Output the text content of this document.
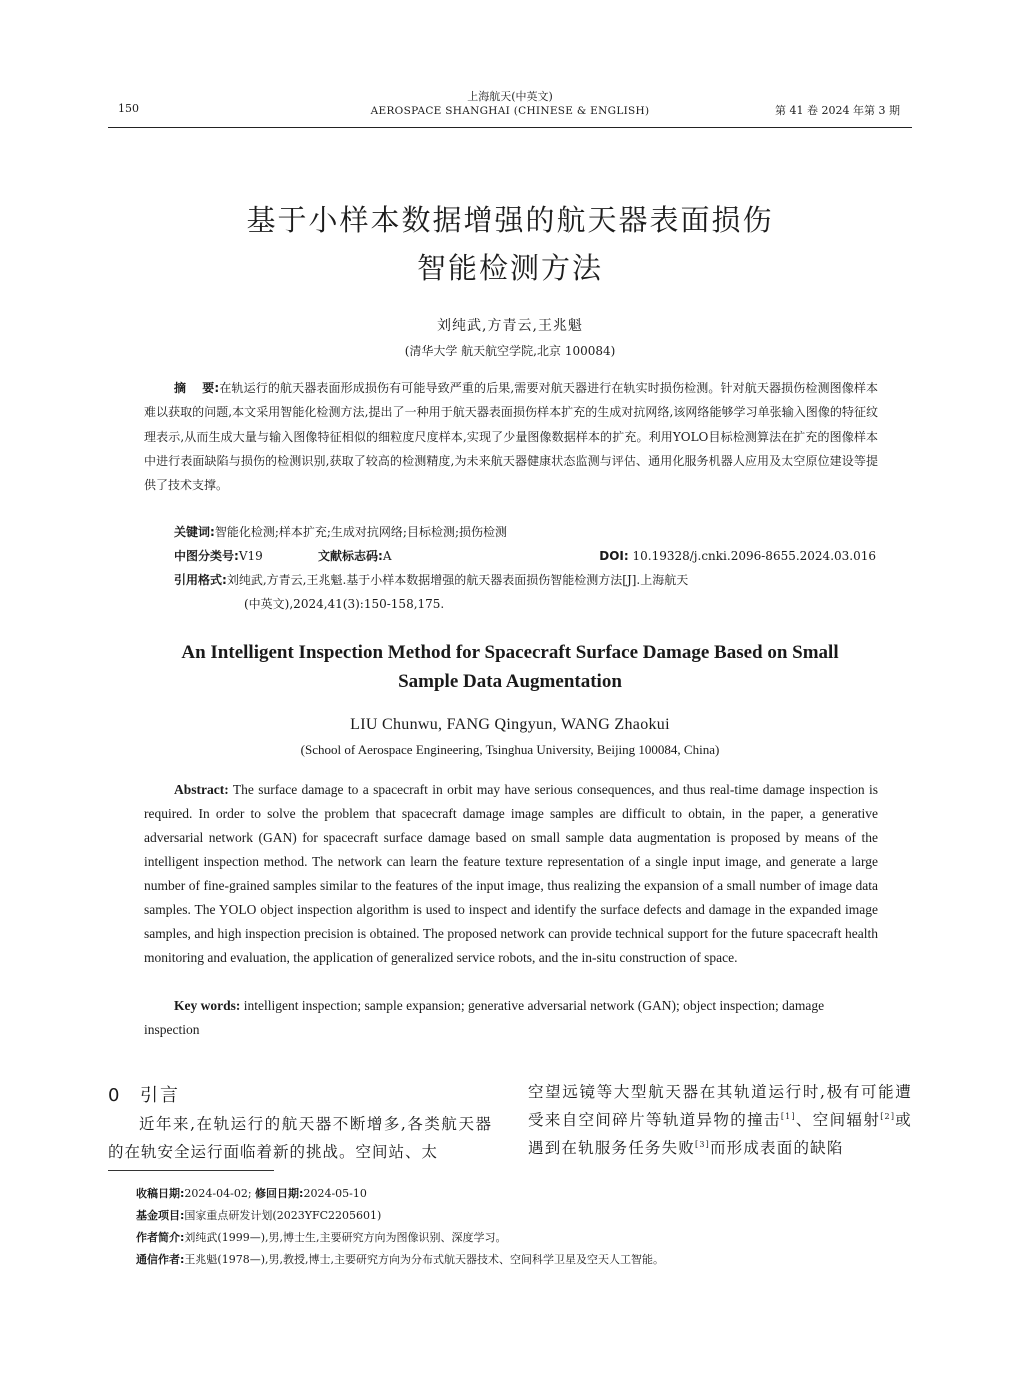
150
上海航天(中英文)
AEROSPACE SHANGHAI (CHINESE & ENGLISH)	第 41 卷 2024 年第 3 期
基于小样本数据增强的航天器表面损伤
智能检测方法
刘纯武,方青云,王兆魁
(清华大学 航天航空学院,北京 100084)
摘 要:在轨运行的航天器表面形成损伤有可能导致严重的后果,需要对航天器进行在轨实时损伤检测。针对航天器损伤检测图像样本难以获取的问题,本文采用智能化检测方法,提出了一种用于航天器表面损伤样本扩充的生成对抗网络,该网络能够学习单张输入图像的特征纹理表示,从而生成大量与输入图像特征相似的细粒度尺度样本,实现了少量图像数据样本的扩充。利用YOLO目标检测算法在扩充的图像样本中进行表面缺陷与损伤的检测识别,获取了较高的检测精度,为未来航天器健康状态监测与评估、通用化服务机器人应用及太空原位建设等提供了技术支撑。
关键词:智能化检测;样本扩充;生成对抗网络;目标检测;损伤检测
中图分类号:V19	文献标志码:A	DOI: 10.19328/j.cnki.2096-8655.2024.03.016
引用格式:刘纯武,方青云,王兆魁.基于小样本数据增强的航天器表面损伤智能检测方法[J].上海航天
(中英文),2024,41(3):150-158,175.
An Intelligent Inspection Method for Spacecraft Surface Damage Based on Small
Sample Data Augmentation
LIU Chunwu, FANG Qingyun, WANG Zhaokui
(School of Aerospace Engineering, Tsinghua University, Beijing 100084, China)
Abstract: The surface damage to a spacecraft in orbit may have serious consequences, and thus real-time damage inspection is required. In order to solve the problem that spacecraft damage image samples are difficult to obtain, in the paper, a generative adversarial network (GAN) for spacecraft surface damage based on small sample data augmentation is proposed by means of the intelligent inspection method. The network can learn the feature texture representation of a single input image, and generate a large number of fine-grained samples similar to the features of the input image, thus realizing the expansion of a small number of image data samples. The YOLO object inspection algorithm is used to inspect and identify the surface defects and damage in the expanded image samples, and high inspection precision is obtained. The proposed network can provide technical support for the future spacecraft health monitoring and evaluation, the application of generalized service robots, and the in-situ construction of space.
Key words: intelligent inspection; sample expansion; generative adversarial network (GAN); object inspection; damage inspection
0 引言
近年来,在轨运行的航天器不断增多,各类航天器的在轨安全运行面临着新的挑战。空间站、太
空望远镜等大型航天器在其轨道运行时,极有可能遭受来自空间碎片等轨道异物的撞击[1]、空间辐射[2]或遇到在轨服务任务失败[3]而形成表面的缺陷
收稿日期:2024-04-02; 修回日期:2024-05-10
基金项目:国家重点研发计划(2023YFC2205601)
作者简介:刘纯武(1999—),男,博士生,主要研究方向为图像识别、深度学习。
通信作者:王兆魁(1978—),男,教授,博士,主要研究方向为分布式航天器技术、空间科学卫星及空天人工智能。
